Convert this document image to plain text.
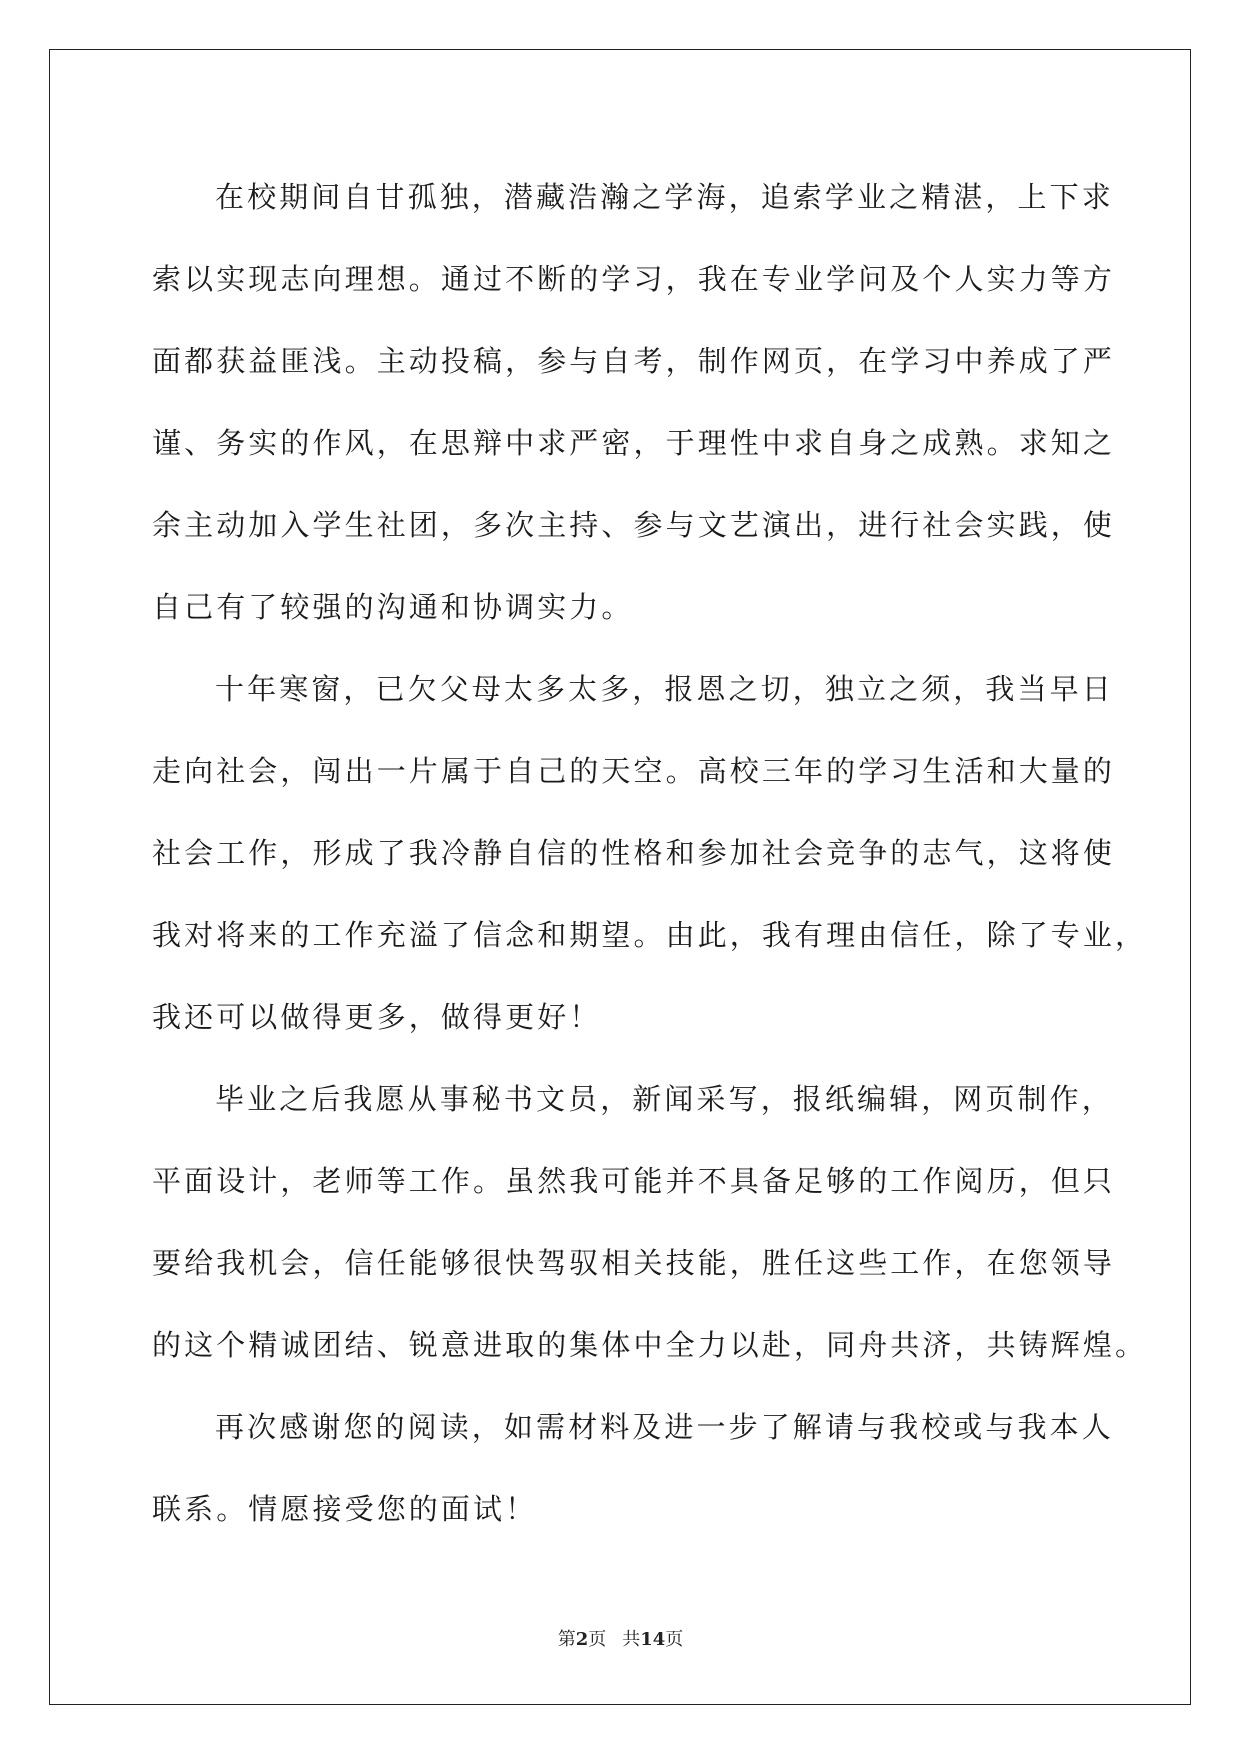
在校期间自甘孤独，潜藏浩瀚之学海，追索学业之精湛，上下求
索以实现志向理想。通过不断的学习，我在专业学问及个人实力等方
面都获益匪浅。主动投稿，参与自考，制作网页，在学习中养成了严
谨、务实的作风，在思辩中求严密，于理性中求自身之成熟。求知之
余主动加入学生社团，多次主持、参与文艺演出，进行社会实践，使
自己有了较强的沟通和协调实力。
十年寒窗，已欠父母太多太多，报恩之切，独立之须，我当早日
走向社会，闯出一片属于自己的天空。高校三年的学习生活和大量的
社会工作，形成了我冷静自信的性格和参加社会竞争的志气，这将使
我对将来的工作充溢了信念和期望。由此，我有理由信任，除了专业，
我还可以做得更多，做得更好！
毕业之后我愿从事秘书文员，新闻采写，报纸编辑，网页制作，
平面设计，老师等工作。虽然我可能并不具备足够的工作阅历，但只
要给我机会，信任能够很快驾驭相关技能，胜任这些工作，在您领导
的这个精诚团结、锐意进取的集体中全力以赴，同舟共济，共铸辉煌。
再次感谢您的阅读，如需材料及进一步了解请与我校或与我本人
联系。情愿接受您的面试！
第2页 共14页
